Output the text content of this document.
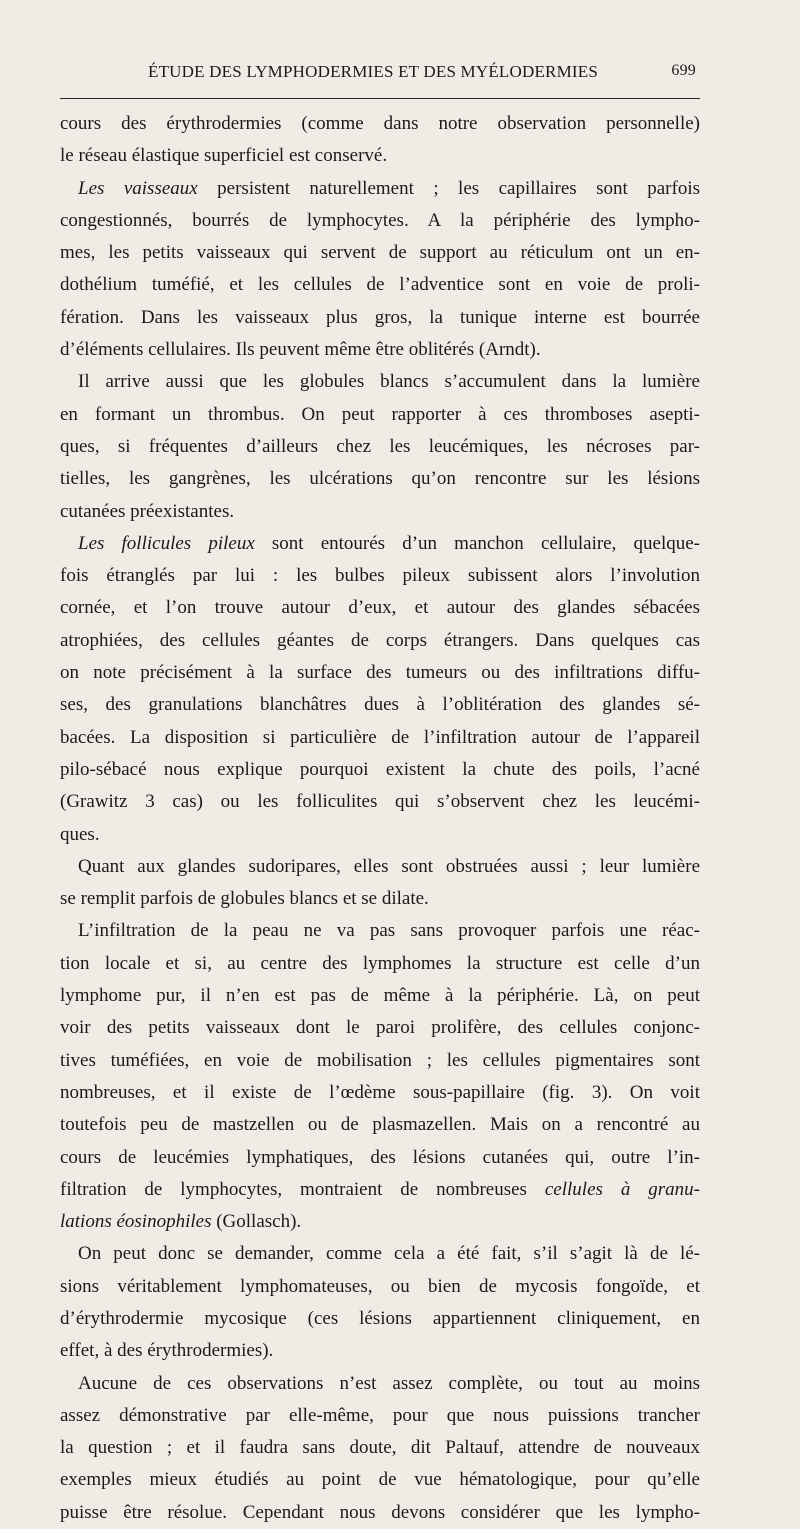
ÉTUDE DES LYMPHODERMIES ET DES MYÉLODERMIES	699
cours des érythrodermies (comme dans notre observation personnelle)
le réseau élastique superficiel est conservé.
Les vaisseaux persistent naturellement ; les capillaires sont parfois
congestionnés, bourrés de lymphocytes. A la périphérie des lympho-
mes, les petits vaisseaux qui servent de support au réticulum ont un en-
dothélium tuméfié, et les cellules de l’adventice sont en voie de proli-
fération. Dans les vaisseaux plus gros, la tunique interne est bourrée
d’éléments cellulaires. Ils peuvent même être oblitérés (Arndt).
Il arrive aussi que les globules blancs s’accumulent dans la lumière
en formant un thrombus. On peut rapporter à ces thromboses asepti-
ques, si fréquentes d’ailleurs chez les leucémiques, les nécroses par-
tielles, les gangrènes, les ulcérations qu’on rencontre sur les lésions
cutanées préexistantes.
Les follicules pileux sont entourés d’un manchon cellulaire, quelque-
fois étranglés par lui : les bulbes pileux subissent alors l’involution
cornée, et l’on trouve autour d’eux, et autour des glandes sébacées
atrophiées, des cellules géantes de corps étrangers. Dans quelques cas
on note précisément à la surface des tumeurs ou des infiltrations diffu-
ses, des granulations blanchâtres dues à l’oblitération des glandes sé-
bacées. La disposition si particulière de l’infiltration autour de l’appareil
pilo-sébacé nous explique pourquoi existent la chute des poils, l’acné
(Grawitz 3 cas) ou les folliculites qui s’observent chez les leucémi-
ques.
Quant aux glandes sudoripares, elles sont obstruées aussi ; leur lumière
se remplit parfois de globules blancs et se dilate.
L’infiltration de la peau ne va pas sans provoquer parfois une réac-
tion locale et si, au centre des lymphomes la structure est celle d’un
lymphome pur, il n’en est pas de même à la périphérie. Là, on peut
voir des petits vaisseaux dont le paroi prolifère, des cellules conjonc-
tives tuméfiées, en voie de mobilisation ; les cellules pigmentaires sont
nombreuses, et il existe de l’œdème sous-papillaire (fig. 3). On voit
toutefois peu de mastzellen ou de plasmazellen. Mais on a rencontré au
cours de leucémies lymphatiques, des lésions cutanées qui, outre l’in-
filtration de lymphocytes, montraient de nombreuses cellules à granu-
lations éosinophiles (Gollasch).
On peut donc se demander, comme cela a été fait, s’il s’agit là de lé-
sions véritablement lymphomateuses, ou bien de mycosis fongoïde, et
d’érythrodermie mycosique (ces lésions appartiennent cliniquement, en
effet, à des érythrodermies).
Aucune de ces observations n’est assez complète, ou tout au moins
assez démonstrative par elle-même, pour que nous puissions trancher
la question ; et il faudra sans doute, dit Paltauf, attendre de nouveaux
exemples mieux étudiés au point de vue hématologique, pour qu’elle
puisse être résolue. Cependant nous devons considérer que les lympho-
